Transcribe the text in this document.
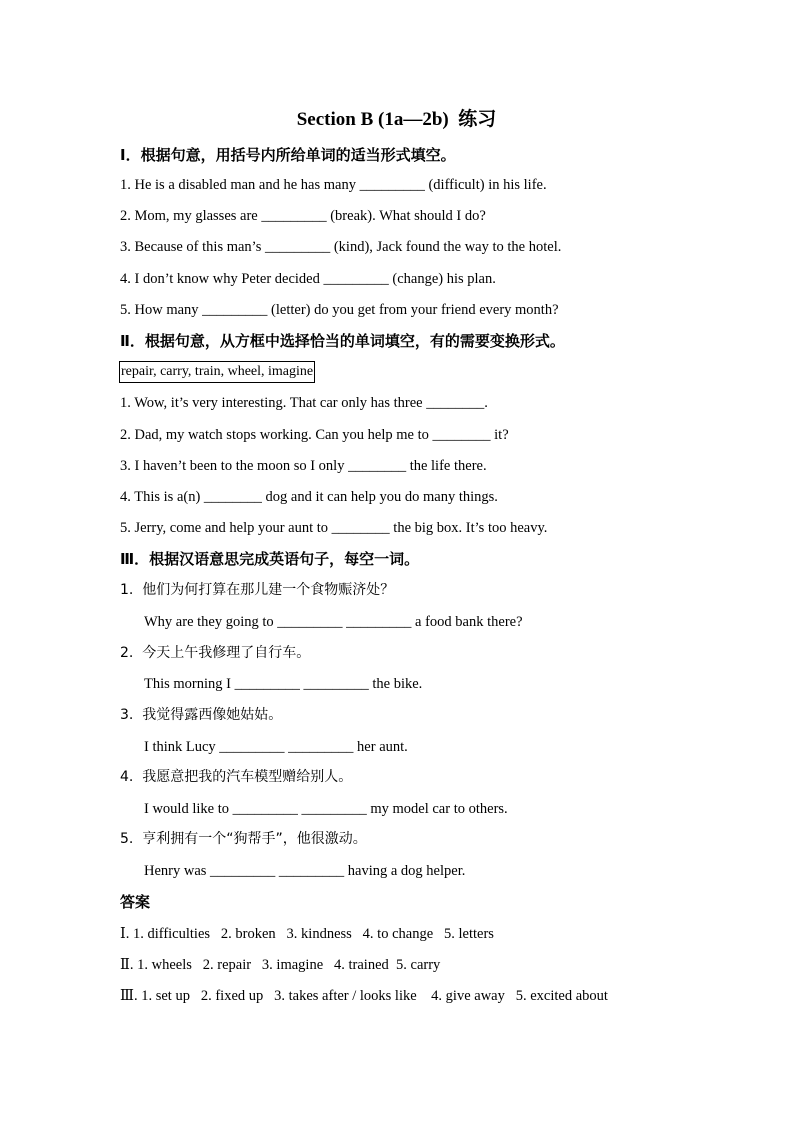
Section B (1a—2b)  练习
Ⅰ．根据句意，用括号内所给单词的适当形式填空。
1. He is a disabled man and he has many _________ (difficult) in his life.
2. Mom, my glasses are _________ (break). What should I do?
3. Because of this man’s _________ (kind), Jack found the way to the hotel.
4. I don’t know why Peter decided _________ (change) his plan.
5. How many _________ (letter) do you get from your friend every month?
Ⅱ．根据句意，从方框中选择恰当的单词填空，有的需要变换形式。
repair, carry, train, wheel, imagine
1. Wow, it’s very interesting. That car only has three ________.
2. Dad, my watch stops working. Can you help me to ________ it?
3. I haven’t been to the moon so I only ________ the life there.
4. This is a(n) ________ dog and it can help you do many things.
5. Jerry, come and help your aunt to ________ the big box. It’s too heavy.
Ⅲ．根据汉语意思完成英语句子，每空一词。
1.  他们为何打算在那儿建一个食物赈济处？
Why are they going to _________ _________ a food bank there?
2.  今天上午我修理了自行车。
This morning I _________ _________ the bike.
3.  我觉得露西像她姑姑。
I think Lucy _________ _________ her aunt.
4.  我愿意把我的汽车模型赠给别人。
I would like to _________ _________ my model car to others.
5.  亨利拥有一个“狗帮手”，他很激动。
Henry was _________ _________ having a dog helper.
答案
Ⅰ. 1. difficulties   2. broken   3. kindness   4. to change   5. letters
Ⅱ. 1. wheels   2. repair   3. imagine   4. trained  5. carry
Ⅲ. 1. set up   2. fixed up   3. takes after / looks like    4. give away   5. excited about
